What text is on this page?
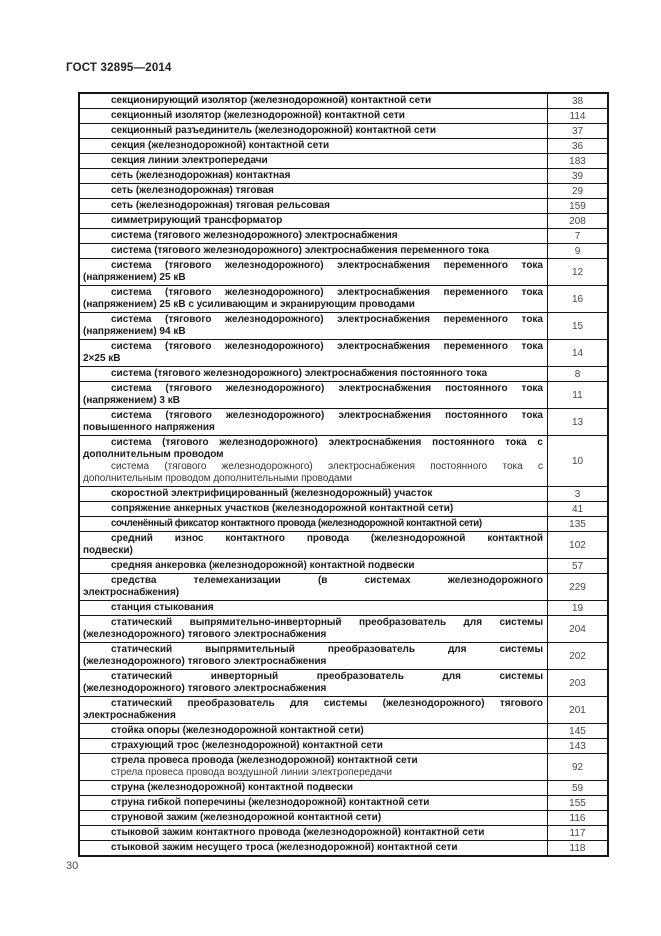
ГОСТ 32895—2014
секционирующий изолятор (железнодорожной) контактной сети	38
секционный изолятор (железнодорожной) контактной сети	114
секционный разъединитель (железнодорожной) контактной сети	37
секция (железнодорожной) контактной сети	36
секция линии электропередачи	183
сеть (железнодорожная) контактная	39
сеть (железнодорожная) тяговая	29
сеть (железнодорожная) тяговая рельсовая	159
симметрирующий трансформатор	208
система (тягового железнодорожного) электроснабжения	7
система (тягового железнодорожного) электроснабжения переменного тока	9
система (тягового железнодорожного) электроснабжения переменного тока
(напряжением) 25 кВ	12
система (тягового железнодорожного) электроснабжения переменного тока
(напряжением) 25 кВ с усиливающим и экранирующим проводами	16
система (тягового железнодорожного) электроснабжения переменного тока
(напряжением) 94 кВ	15
система (тягового железнодорожного) электроснабжения переменного тока
2×25 кВ	14
система (тягового железнодорожного) электроснабжения постоянного тока	8
система (тягового железнодорожного) электроснабжения постоянного тока
(напряжением) 3 кВ	11
система (тягового железнодорожного) электроснабжения постоянного тока
повышенного напряжения	13
система (тягового железнодорожного) электроснабжения постоянного тока с
дополнительным проводом
система (тягового железнодорожного) электроснабжения постоянного тока с
дополнительным проводом дополнительными проводами
10
скоростной электрифицированный (железнодорожный) участок	3
сопряжение анкерных участков (железнодорожной контактной сети)	41
сочленённый фиксатор контактного провода (железнодорожной контактной сети)	135
средний износ контактного провода (железнодорожной контактной
подвески)	102
средняя анкеровка (железнодорожной) контактной подвески	57
средства телемеханизации (в системах железнодорожного
электроснабжения)	229
станция стыкования	19
статический выпрямительно-инверторный преобразователь для системы
(железнодорожного) тягового электроснабжения	204
статический выпрямительный преобразователь для системы
(железнодорожного) тягового электроснабжения	202
статический инверторный преобразователь для системы
(железнодорожного) тягового электроснабжения	203
статический преобразователь для системы (железнодорожного) тягового
электроснабжения	201
стойка опоры (железнодорожной контактной сети)	145
страхующий трос (железнодорожной) контактной сети	143
стрела провеса провода (железнодорожной) контактной сети
стрела провеса провода воздушной линии электропередачи	92
струна (железнодорожной) контактной подвески	59
струна гибкой поперечины (железнодорожной) контактной сети	155
струновой зажим (железнодорожной контактной сети)	116
стыковой зажим контактного провода (железнодорожной) контактной сети	117
стыковой зажим несущего троса (железнодорожной) контактной сети	118
30
